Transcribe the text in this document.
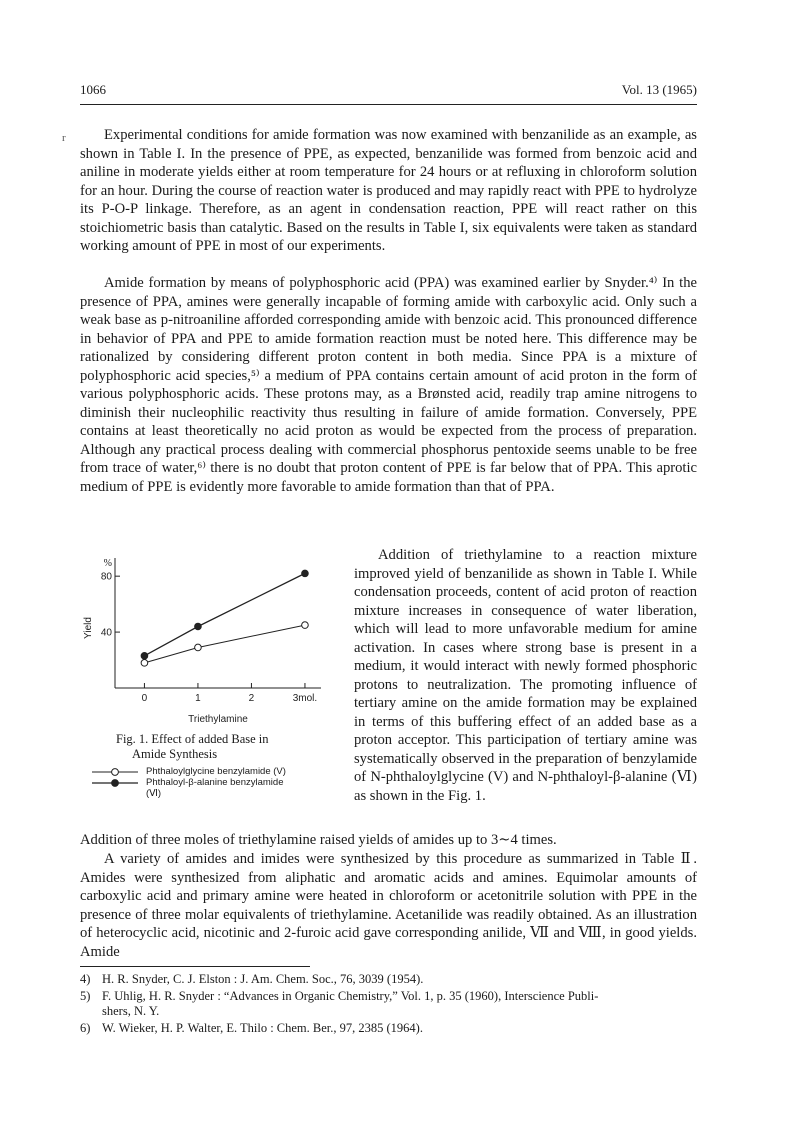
1066	Vol. 13 (1965)
r	Experimental conditions for amide formation was now examined with benzanilide as an example, as shown in Table I. In the presence of PPE, as expected, benzanilide was formed from benzoic acid and aniline in moderate yields either at room temperature for 24 hours or at refluxing in chloroform solution for an hour. During the course of reaction water is produced and may rapidly react with PPE to hydrolyze its P-O-P linkage. Therefore, as an agent in condensation reaction, PPE will react rather on this stoichiometric basis than catalytic. Based on the results in Table I, six equivalents were taken as standard working amount of PPE in most of our experiments.

Amide formation by means of polyphosphoric acid (PPA) was examined earlier by Snyder.⁴⁾ In the presence of PPA, amines were generally incapable of forming amide with carboxylic acid. Only such a weak base as p-nitroaniline afforded corresponding amide with benzoic acid. This pronounced difference in behavior of PPA and PPE to amide formation reaction must be noted here. This difference may be rationalized by considering different proton content in both media. Since PPA is a mixture of polyphosphoric acid species,⁵⁾ a medium of PPA contains certain amount of acid proton in the form of various polyphosphoric acids. These protons may, as a Brønsted acid, readily trap amine nitrogens to diminish their nucleophilic reactivity thus resulting in failure of amide formation. Conversely, PPE contains at least theoretically no acid proton as would be expected from the process of preparation. Although any practical process dealing with commercial phosphorus pentoxide seems unable to be free from trace of water,⁶⁾ there is no doubt that proton content of PPE is far below that of PPA. This aprotic medium of PPE is evidently more favorable to amide formation than that of PPA.

Addition of triethylamine to a reaction mixture improved yield of benzanilide as shown in Table I. While condensation proceeds, content of acid proton of reaction mixture increases in consequence of water liberation, which will lead to more unfavorable medium for amine activation. In cases where strong base is present in a medium, it would interact with newly formed phosphoric protons to neutralization. The promoting influence of tertiary amine on the amide formation may be explained in terms of this buffering effect of an added base as a proton acceptor. This participation of tertiary amine was systematically observed in the preparation of benzylamide of N-phthaloylglycine (V) and N-phthaloyl-β-alanine (Ⅵ) as shown in the Fig. 1.

Addition of three moles of triethylamine raised yields of amides up to 3∼4 times.

A variety of amides and imides were synthesized by this procedure as summarized in Table Ⅱ. Amides were synthesized from aliphatic and aromatic acids and amines. Equimolar amounts of carboxylic acid and primary amine were heated in chloroform or acetonitrile solution with PPE in the presence of three molar equivalents of triethylamine. Acetanilide was readily obtained. As an illustration of heterocyclic acid, nicotinic and 2-furoic acid gave corresponding anilide, Ⅶ and Ⅷ, in good yields. Amide

%
Yield
Triethylamine
0	1	2	3mol.
40
80
Fig. 1. Effect of added Base in
Amide Synthesis
Phthaloylglycine benzylamide (V)
Phthaloyl-β-alanine benzylamide
(Ⅵ)
4) H. R. Snyder, C. J. Elston : J. Am. Chem. Soc., 76, 3039 (1954).
5) F. Uhlig, H. R. Snyder : “Advances in Organic Chemistry,” Vol. 1, p. 35 (1960), Interscience Publi-
shers, N. Y.
6) W. Wieker, H. P. Walter, E. Thilo : Chem. Ber., 97, 2385 (1964).
